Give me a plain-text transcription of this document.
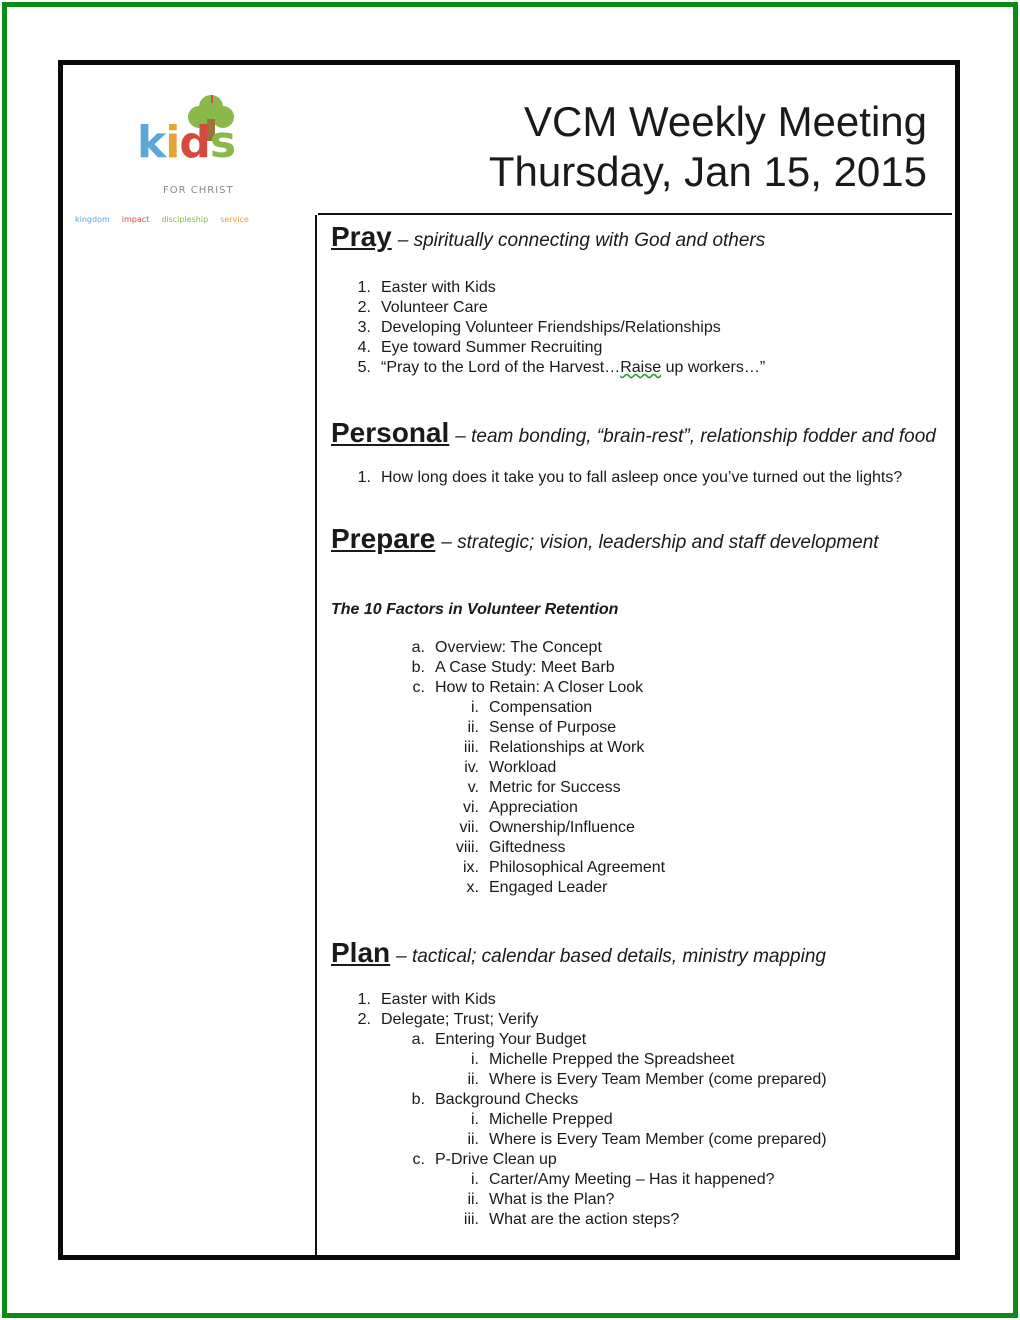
kids
FOR CHRIST
kingdom impact discipleship service
VCM Weekly Meeting
Thursday, Jan 15, 2015
Pray – spiritually connecting with God and others
1. Easter with Kids
2. Volunteer Care
3. Developing Volunteer Friendships/Relationships
4. Eye toward Summer Recruiting
5. “Pray to the Lord of the Harvest…Raise up workers…”
Personal – team bonding, “brain-rest”, relationship fodder and food
1. How long does it take you to fall asleep once you’ve turned out the lights?
Prepare – strategic; vision, leadership and staff development
The 10 Factors in Volunteer Retention
a. Overview: The Concept
b. A Case Study: Meet Barb
c. How to Retain: A Closer Look
i. Compensation
ii. Sense of Purpose
iii. Relationships at Work
iv. Workload
v. Metric for Success
vi. Appreciation
vii. Ownership/Influence
viii. Giftedness
ix. Philosophical Agreement
x. Engaged Leader
Plan – tactical; calendar based details, ministry mapping
1. Easter with Kids
2. Delegate; Trust; Verify
a. Entering Your Budget
i. Michelle Prepped the Spreadsheet
ii. Where is Every Team Member (come prepared)
b. Background Checks
i. Michelle Prepped
ii. Where is Every Team Member (come prepared)
c. P-Drive Clean up
i. Carter/Amy Meeting – Has it happened?
ii. What is the Plan?
iii. What are the action steps?
